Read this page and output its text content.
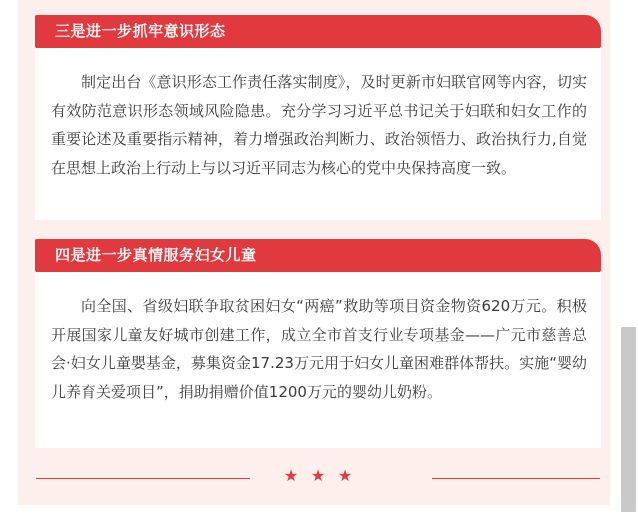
三是进一步抓牢意识形态

制定出台《意识形态工作责任落实制度》，及时更新市妇联官网等内容，切实有效防范意识形态领域风险隐患。充分学习习近平总书记关于妇联和妇女工作的重要论述及重要指示精神，着力增强政治判断力、政治领悟力、政治执行力,自觉在思想上政治上行动上与以习近平同志为核心的党中央保持高度一致。

四是进一步真情服务妇女儿童

向全国、省级妇联争取贫困妇女“两癌”救助等项目资金物资620万元。积极开展国家儿童友好城市创建工作，成立全市首支行业专项基金——广元市慈善总会·妇女儿童嬰基金，募集资金17.23万元用于妇女儿童困难群体帮扶。实施“婴幼儿养育关爱项目”，捐助捐赠价值1200万元的婴幼儿奶粉。

★ ★ ★
